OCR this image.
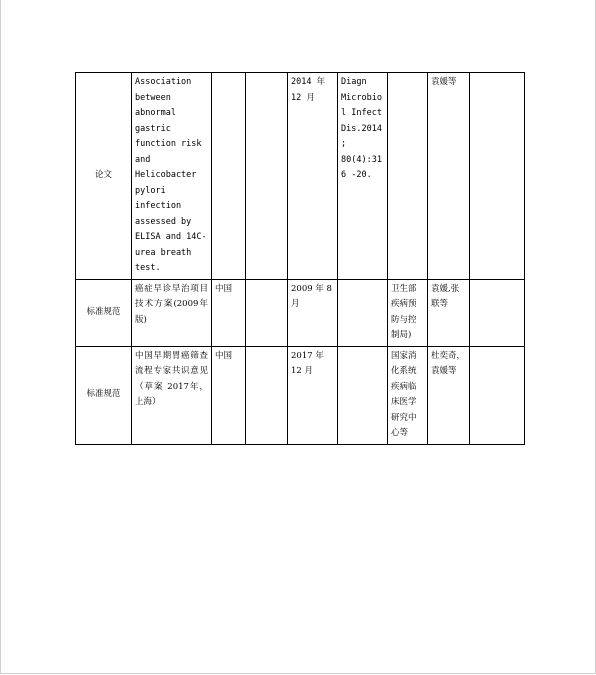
论文	Association between abnormal gastric function risk and Helicobacter pylori infection assessed by ELISA and 14C-urea breath test.			2014 年 12 月	Diagn Microbiol Infect Dis.2014; 80(4):316 -20.		袁媛等	
标准规范	癌症早诊早治项目技术方案(2009年版)	中国		2009 年 8 月		卫生部疾病预防与控制局)	袁媛,张联等	
标准规范	中国早期胃癌筛查流程专家共识意见（草案 2017年，上海）	中国		2017 年 12 月		国家消化系统疾病临床医学研究中心等	杜奕奇，袁媛等	
